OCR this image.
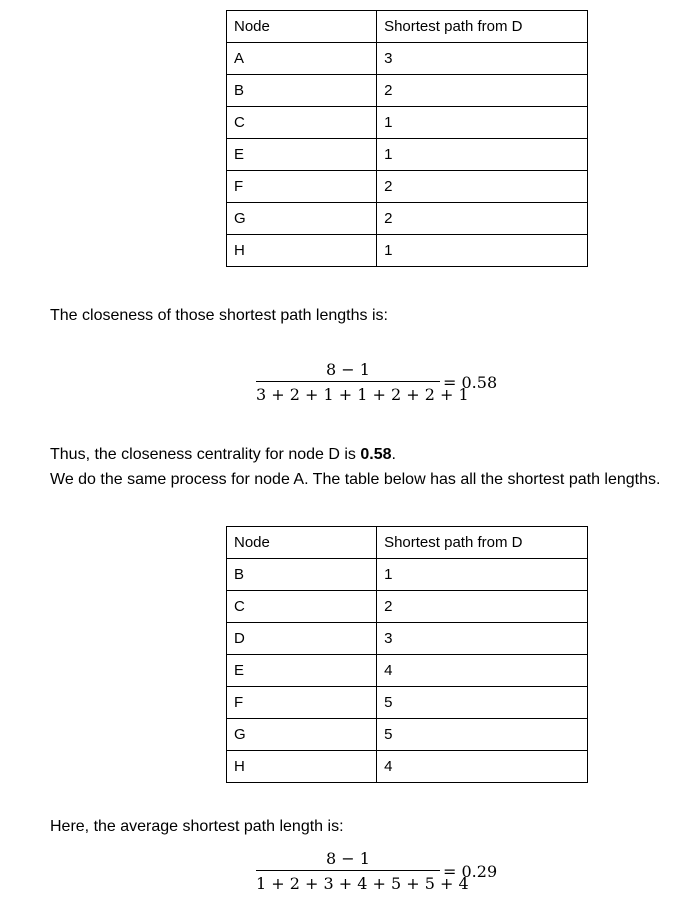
Node	Shortest path from D
A	3
B	2
C	1
E	1
F	2
G	2
H	1

The closeness of those shortest path lengths is:

8 − 1
3 + 2 + 1 + 1 + 2 + 2 + 1
= 0.58

Thus, the closeness centrality for node D is 0.58.

We do the same process for node A. The table below has all the shortest path lengths.

Node	Shortest path from D
B	1
C	2
D	3
E	4
F	5
G	5
H	4

Here, the average shortest path length is:

8 − 1
1 + 2 + 3 + 4 + 5 + 5 + 4
= 0.29
